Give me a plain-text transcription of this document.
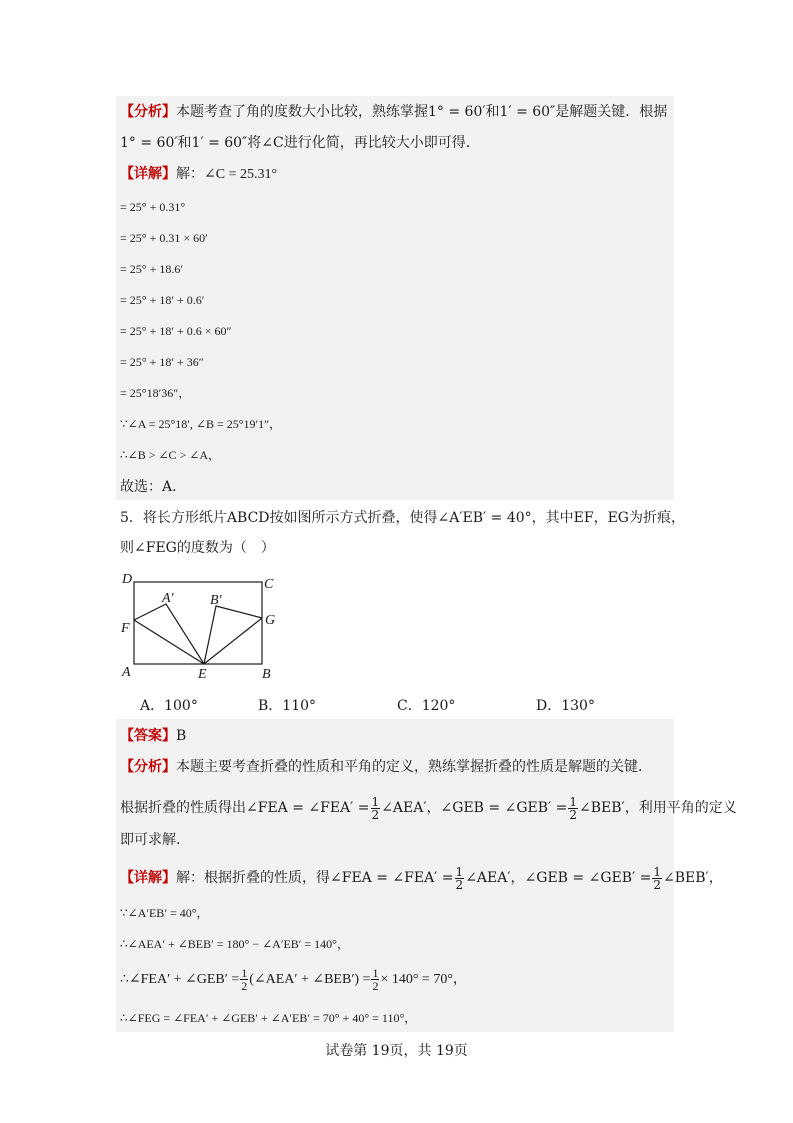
【分析】本题考查了角的度数大小比较，熟练掌握1° = 60′和1′ = 60″是解题关键．根据
1° = 60′和1′ = 60″将∠C进行化简，再比较大小即可得．
【详解】解：∠C = 25.31°
= 25° + 0.31°
= 25° + 0.31 × 60′
= 25° + 18.6′
= 25° + 18′ + 0.6′
= 25° + 18′ + 0.6 × 60″
= 25° + 18′ + 36″
= 25°18′36″，
∵∠A = 25°18′, ∠B = 25°19′1″，
∴∠B > ∠C > ∠A，
故选：A．
5．将长方形纸片ABCD按如图所示方式折叠，使得∠A′EB′ = 40°，其中EF，EG为折痕，
则∠FEG的度数为（　）
D	C
A′	B′
F
G
A	E	B
A．100°	B．110°	C．120°	D．130°
【答案】B
【分析】本题主要考查折叠的性质和平角的定义，熟练掌握折叠的性质是解题的关键．
根据折叠的性质得出∠FEA = ∠FEA′ = $\frac{1}{2}$ ∠AEA′，∠GEB = ∠GEB′ = $\frac{1}{2}$ ∠BEB′，利用平角的定义
即可求解．
【详解】解：根据折叠的性质，得∠FEA = ∠FEA′ = $\frac{1}{2}$ ∠AEA′，∠GEB = ∠GEB′ = $\frac{1}{2}$ ∠BEB′，
∵∠A′EB′ = 40°，
∴∠AEA′ + ∠BEB′ = 180° − ∠A′EB′ = 140°，
∴∠FEA′ + ∠GEB′ = $\frac{1}{2}$ (∠AEA′ + ∠BEB′) = $\frac{1}{2} \times 140^\circ = 70^\circ$，
∴∠FEG = ∠FEA′ + ∠GEB′ + ∠A′EB′ = 70° + 40° = 110°，
试卷第 19页，共 19页
